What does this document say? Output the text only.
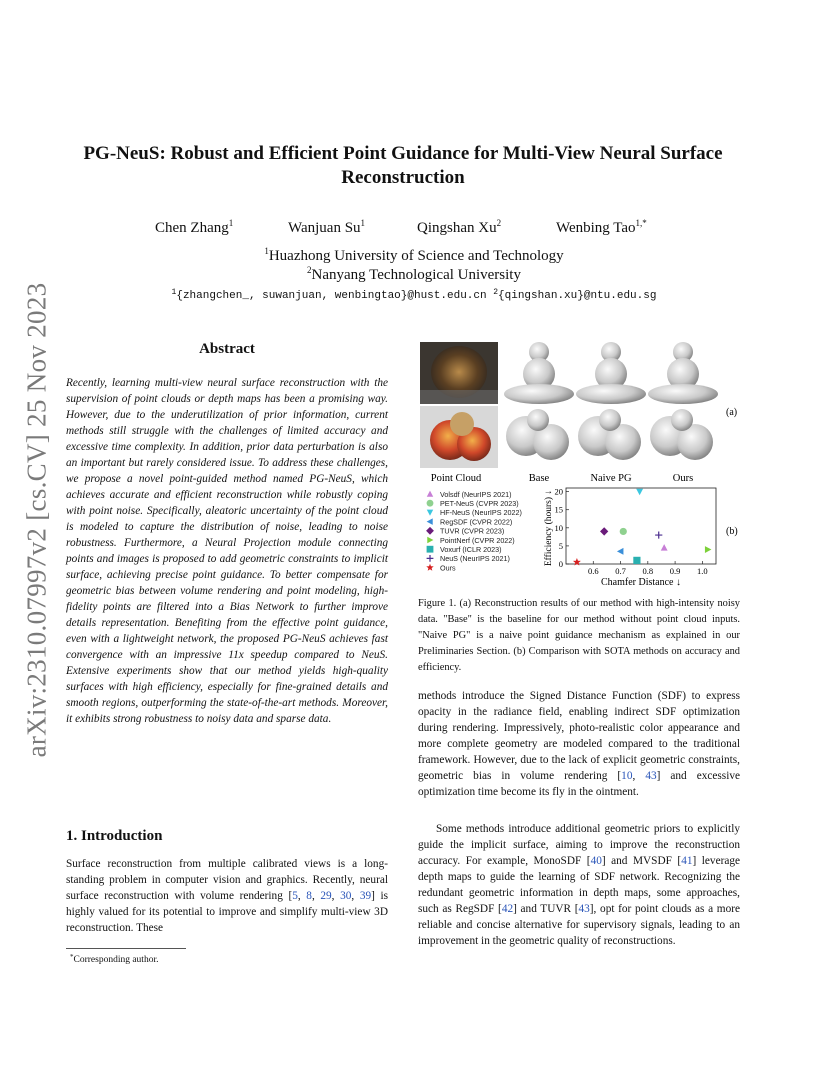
arXiv:2310.07997v2 [cs.CV] 25 Nov 2023
PG-NeuS: Robust and Efficient Point Guidance for Multi-View Neural Surface
Reconstruction
Chen Zhang$^1$	Wanjuan Su$^1$	Qingshan Xu$^2$	Wenbing Tao$^{1,*}$
$^1$Huazhong University of Science and Technology
$^2$Nanyang Technological University
$^1${zhangchen_, suwanjuan, wenbingtao}@hust.edu.cn $^2${qingshan.xu}@ntu.edu.sg
Abstract
Recently, learning multi-view neural surface reconstruction with the supervision of point clouds or depth maps has been a promising way. However, due to the underutilization of prior information, current methods still struggle with the challenges of limited accuracy and excessive time complexity. In addition, prior data perturbation is also an important but rarely considered issue. To address these challenges, we propose a novel point-guided method named PG-NeuS, which achieves accurate and efficient reconstruction while robustly coping with point noise. Specifically, aleatoric uncertainty of the point cloud is modeled to capture the distribution of noise, leading to noise robustness. Furthermore, a Neural Projection module connecting points and images is proposed to add geometric constraints to implicit surface, achieving precise point guidance. To better compensate for geometric bias between volume rendering and point modeling, high-fidelity points are filtered into a Bias Network to further improve details representation. Benefiting from the effective point guidance, even with a lightweight network, the proposed PG-NeuS achieves fast convergence with an impressive 11x speedup compared to NeuS. Extensive experiments show that our method yields high-quality surfaces with high efficiency, especially for fine-grained details and smooth regions, outperforming the state-of-the-art methods. Moreover, it exhibits strong robustness to noisy data and sparse data.
1. Introduction
Surface reconstruction from multiple calibrated views is a long-standing problem in computer vision and graphics. Recently, neural surface reconstruction with volume rendering [5, 8, 29, 30, 39] is highly valued for its potential to improve and simplify multi-view 3D reconstruction. These
*Corresponding author.
(a)
Point Cloud	Base	Naive PG	Ours
Volsdf (NeurIPS 2021)
PET-NeuS (CVPR 2023)
HF-NeuS (NeurIPS 2022)
RegSDF (CVPR 2022)
TUVR (CVPR 2023)
PointNerf (CVPR 2022)
Voxurf (ICLR 2023)
NeuS (NeurIPS 2021)
Ours	0.6 0.7 0.8 0.9 1.0
0
5
10
15
20
Chamfer Distance ↓
Efficiency (hours) ↓	(b)
Figure 1. (a) Reconstruction results of our method with high-intensity noisy data. "Base" is the baseline for our method without point cloud inputs. "Naive PG" is a naive point guidance mechanism as explained in our Preliminaries Section. (b) Comparison with SOTA methods on accuracy and efficiency.
methods introduce the Signed Distance Function (SDF) to express opacity in the radiance field, enabling indirect SDF optimization during rendering. Impressively, photo-realistic color appearance and more complete geometry are modeled compared to the traditional framework. However, due to the lack of explicit geometric constraints, geometric bias in volume rendering [10, 43] and excessive optimization time become its fly in the ointment.
Some methods introduce additional geometric priors to explicitly guide the implicit surface, aiming to improve the reconstruction accuracy. For example, MonoSDF [40] and MVSDF [41] leverage depth maps to guide the learning of SDF network. Recognizing the redundant geometric information in depth maps, some approaches, such as RegSDF [42] and TUVR [43], opt for point clouds as a more reliable and concise alternative for supervisory signals, leading to an improvement in the geometric quality of reconstructions.
